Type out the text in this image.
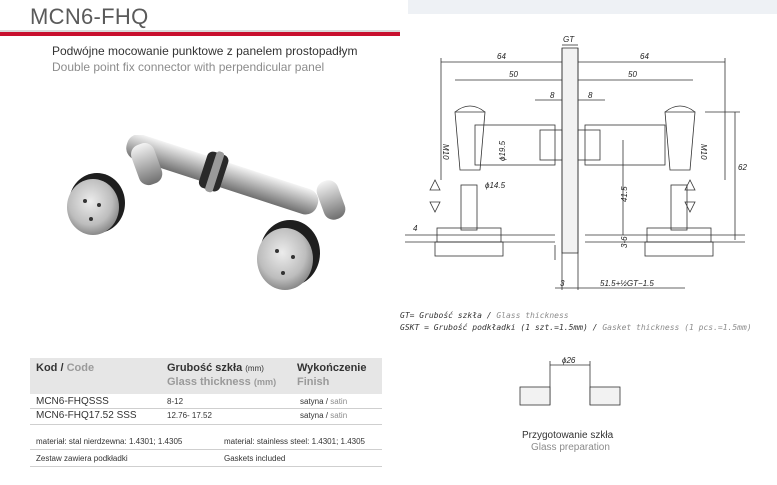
MCN6-FHQ
Podwójne mocowanie punktowe z panelem prostopadłym
Double point fix connector with perpendicular panel
Kod / Code	Grubość szkła (mm)
Glass thickness (mm)
Wykończenie
Finish
MCN6-FHQSSS	8-12	satyna / satin
MCN6-FHQ17.52 SSS	12.76- 17.52	satyna / satin
materiał: stal nierdzewna: 1.4301; 1.4305	material: stainless steel: 1.4301; 1.4305
Zestaw zawiera podkładki	Gaskets included
GT
64	64
50	50
8	8
ϕ19.5
ϕ14.5
62
41.5
4
3-6
3	51.5+½GT−1.5
M10	M10
GT= Grubość szkła / Glass thickness
GSKT = Grubość podkładki (1 szt.=1.5mm) / Gasket thickness (1 pcs.=1.5mm)
ϕ26
Przygotowanie szkła
Glass preparation
